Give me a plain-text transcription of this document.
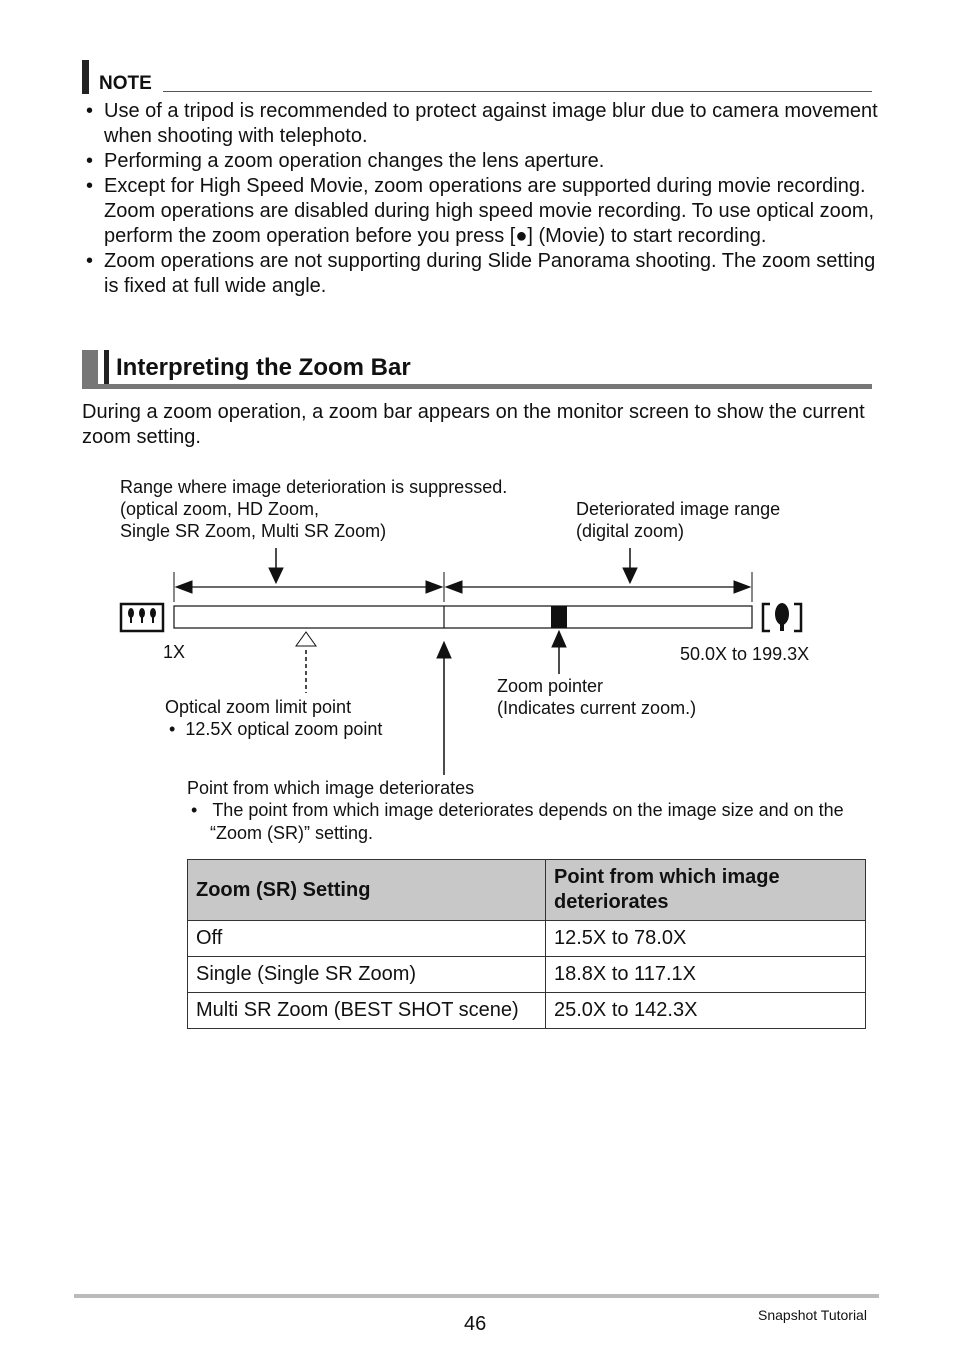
NOTE
• Use of a tripod is recommended to protect against image blur due to camera movement when shooting with telephoto.
• Performing a zoom operation changes the lens aperture.
• Except for High Speed Movie, zoom operations are supported during movie recording. Zoom operations are disabled during high speed movie recording. To use optical zoom, perform the zoom operation before you press [●] (Movie) to start recording.
• Zoom operations are not supporting during Slide Panorama shooting. The zoom setting is fixed at full wide angle.
Interpreting the Zoom Bar
During a zoom operation, a zoom bar appears on the monitor screen to show the current zoom setting.
Range where image deterioration is suppressed.
(optical zoom, HD Zoom,
Single SR Zoom, Multi SR Zoom)
Deteriorated image range
(digital zoom)
1X	50.0X to 199.3X
Optical zoom limit point
•  12.5X optical zoom point
Zoom pointer
(Indicates current zoom.)
Point from which image deteriorates
•   The point from which image deteriorates depends on the image size and on the “Zoom (SR)” setting.
Zoom (SR) Setting	Point from which image deteriorates
Off	12.5X to 78.0X
Single (Single SR Zoom)	18.8X to 117.1X
Multi SR Zoom (BEST SHOT scene)	25.0X to 142.3X
46	Snapshot Tutorial
